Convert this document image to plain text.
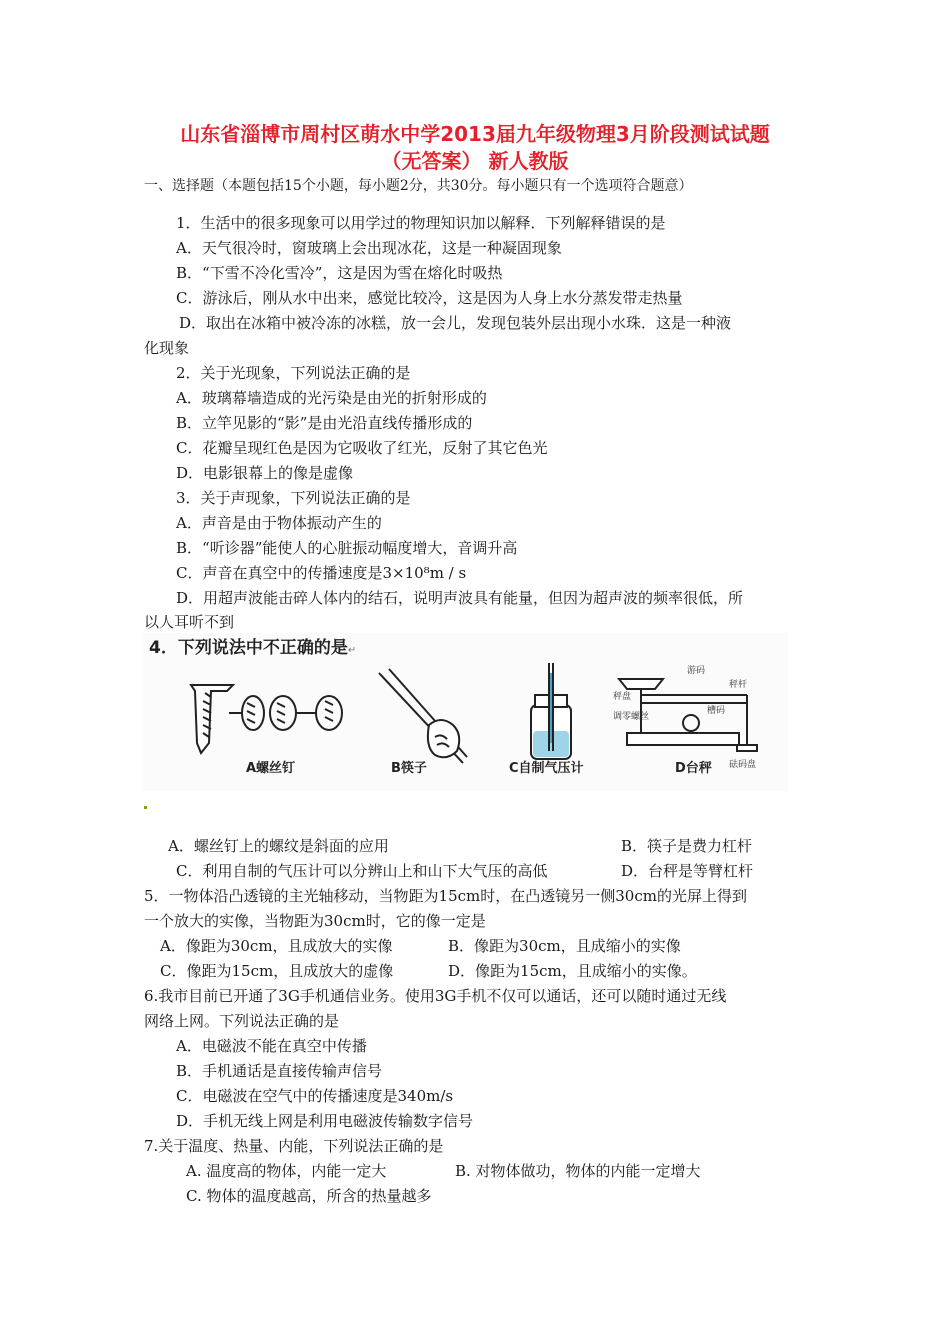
山东省淄博市周村区萌水中学2013届九年级物理3月阶段测试试题
（无答案） 新人教版
一、选择题（本题包括15个小题，每小题2分，共30分。每小题只有一个选项符合题意）
1．生活中的很多现象可以用学过的物理知识加以解释．下列解释错误的是
A．天气很冷时，窗玻璃上会出现冰花，这是一种凝固现象
B．“下雪不冷化雪冷”，这是因为雪在熔化时吸热
C．游泳后，刚从水中出来，感觉比较冷，这是因为人身上水分蒸发带走热量
D．取出在冰箱中被冷冻的冰糕，放一会儿，发现包装外层出现小水珠．这是一种液
化现象
2．关于光现象，下列说法正确的是
A．玻璃幕墙造成的光污染是由光的折射形成的
B．立竿见影的“影”是由光沿直线传播形成的
C．花瓣呈现红色是因为它吸收了红光，反射了其它色光
D．电影银幕上的像是虚像
3．关于声现象，下列说法正确的是
A．声音是由于物体振动产生的
B．“听诊器”能使人的心脏振动幅度增大，音调升高
C．声音在真空中的传播速度是3×10⁸m / s
D．用超声波能击碎人体内的结石，说明声波具有能量，但因为超声波的频率很低，所
以人耳听不到
4．下列说法中不正确的是↵
游码
秤杆
秤盘
调零螺丝
槽码
砝码盘
A螺丝钉	B筷子	C自制气压计	D台秤
A．螺丝钉上的螺纹是斜面的应用	B．筷子是费力杠杆
C．利用自制的气压计可以分辨山上和山下大气压的高低	D．台秤是等臂杠杆
5．一物体沿凸透镜的主光轴移动，当物距为15cm时，在凸透镜另一侧30cm的光屏上得到
一个放大的实像，当物距为30cm时，它的像一定是
A．像距为30cm，且成放大的实像	B．像距为30cm，且成缩小的实像
C．像距为15cm，且成放大的虚像	D．像距为15cm，且成缩小的实像。
6.我市目前已开通了3G手机通信业务。使用3G手机不仅可以通话，还可以随时通过无线
网络上网。下列说法正确的是
A．电磁波不能在真空中传播
B．手机通话是直接传输声信号
C．电磁波在空气中的传播速度是340m/s
D．手机无线上网是利用电磁波传输数字信号
7.关于温度、热量、内能，下列说法正确的是
A. 温度高的物体，内能一定大	B. 对物体做功，物体的内能一定增大
C. 物体的温度越高，所含的热量越多
